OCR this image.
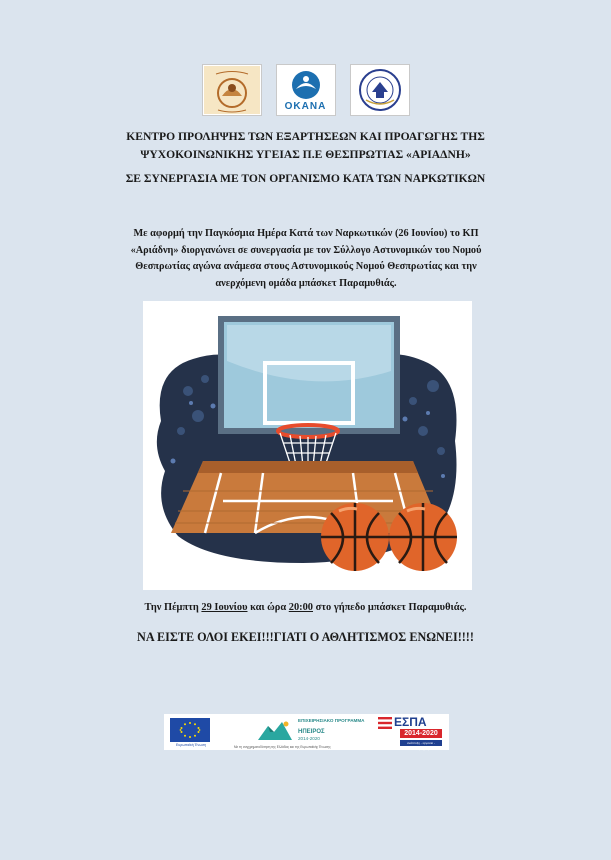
OKANA
ΚΕΝΤΡΟ ΠΡΟΛΗΨΗΣ ΤΩΝ ΕΞΑΡΤΗΣΕΩΝ ΚΑΙ ΠΡΟΑΓΩΓΗΣ ΤΗΣ
ΨΥΧΟΚΟΙΝΩΝΙΚΗΣ ΥΓΕΙΑΣ Π.Ε ΘΕΣΠΡΩΤΙΑΣ «ΑΡΙΑΔΝΗ»
ΣΕ ΣΥΝΕΡΓΑΣΙΑ ΜΕ ΤΟΝ ΟΡΓΑΝΙΣΜΟ ΚΑΤΑ ΤΩΝ ΝΑΡΚΩΤΙΚΩΝ
Με αφορμή την Παγκόσμια Ημέρα Κατά των Ναρκωτικών (26 Ιουνίου) το ΚΠ
«Αριάδνη» διοργανώνει σε συνεργασία με τον Σύλλογο Αστυνομικών του Νομού
Θεσπρωτίας αγώνα ανάμεσα στους Αστυνομικούς Νομού Θεσπρωτίας και την
ανερχόμενη ομάδα μπάσκετ Παραμυθιάς.
Την Πέμπτη 29 Ιουνίου και ώρα 20:00 στο γήπεδο μπάσκετ Παραμυθιάς.
ΝΑ ΕΙΣΤΕ ΟΛΟΙ ΕΚΕΙ!!!ΓΙΑΤΙ Ο ΑΘΛΗΤΙΣΜΟΣ ΕΝΩΝΕΙ!!!!
Ευρωπαϊκή Ένωση
ΕΠΙΧΕΙΡΗΣΙΑΚΟ ΠΡΟΓΡΑΜΜΑ
ΗΠΕΙΡΟΣ
2014-2020
Με τη συγχρηματοδότηση της Ελλάδας και της Ευρωπαϊκής Ένωσης
ΕΣΠΑ
2014-2020
ανάπτυξη - εργασία - αλληλεγγύη
